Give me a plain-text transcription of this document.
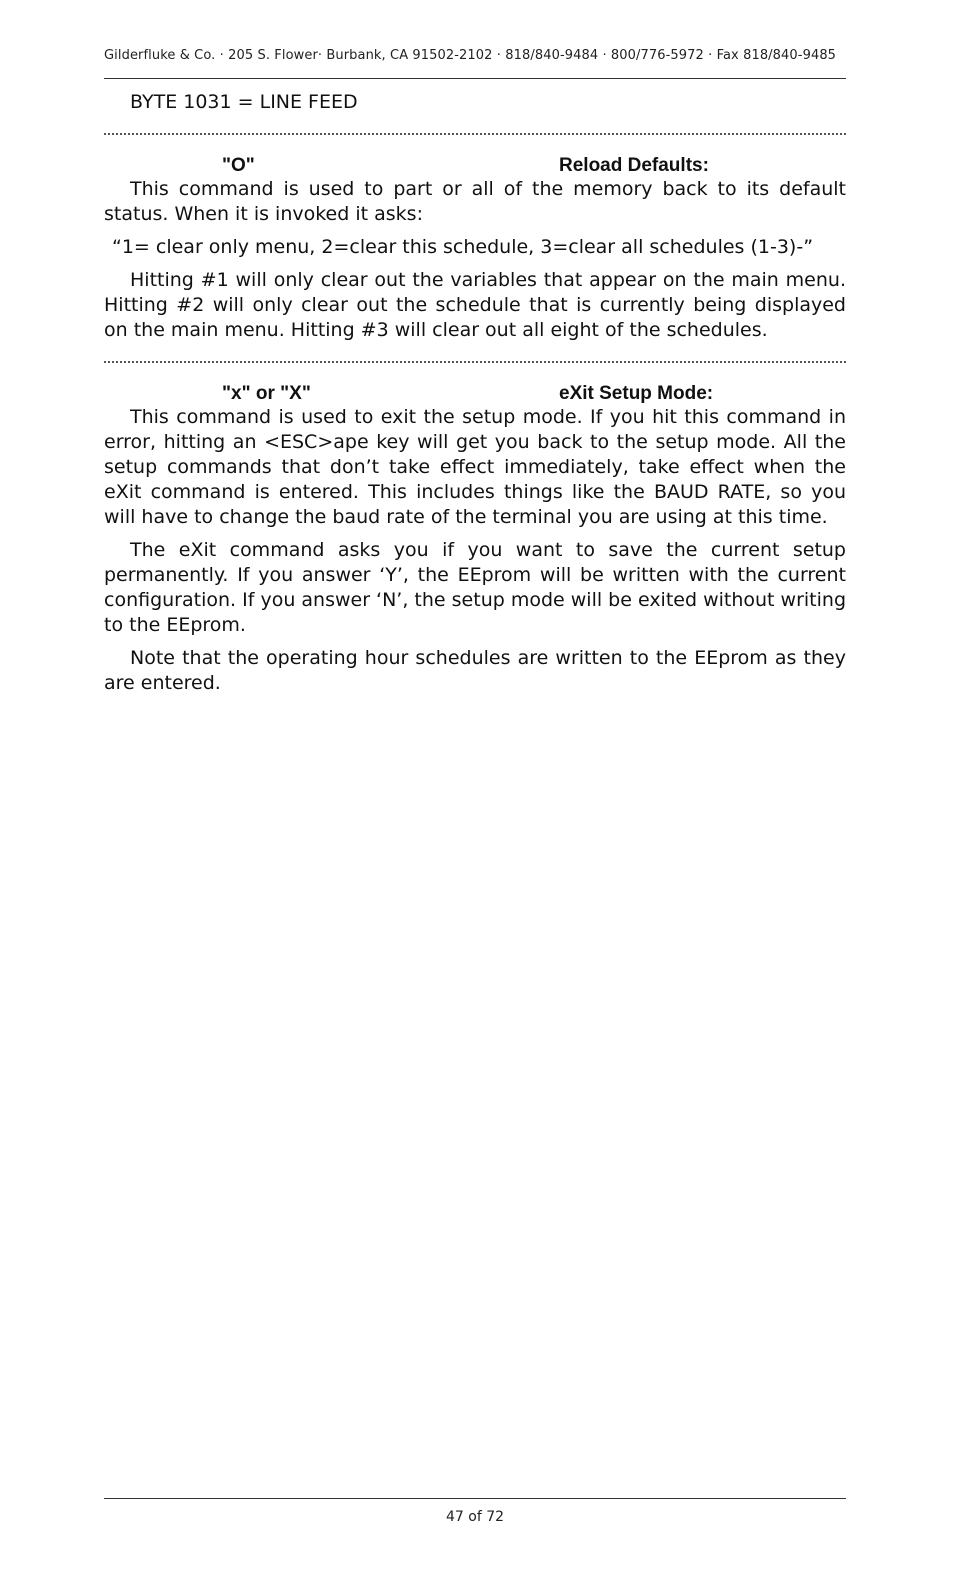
Gilderfluke & Co. · 205 S. Flower· Burbank, CA 91502-2102 · 818/840-9484 · 800/776-5972 · Fax 818/840-9485

BYTE 1031 = LINE FEED

"O"	Reload Defaults:

This command is used to part or all of the memory back to its default status. When it is invoked it asks:

“1= clear only menu, 2=clear this schedule, 3=clear all schedules (1-3)-”

Hitting #1 will only clear out the variables that appear on the main menu. Hitting #2 will only clear out the schedule that is currently being displayed on the main menu. Hitting #3 will clear out all eight of the schedules.

"x" or "X"	eXit Setup Mode:

This command is used to exit the setup mode. If you hit this command in error, hitting an <ESC>ape key will get you back to the setup mode. All the setup commands that don’t take effect immediately, take effect when the eXit command is entered. This includes things like the BAUD RATE, so you will have to change the baud rate of the terminal you are using at this time.

The eXit command asks you if you want to save the current setup permanently. If you answer ‘Y’, the EEprom will be written with the current configuration. If you answer ‘N’, the setup mode will be exited without writing to the EEprom.

Note that the operating hour schedules are written to the EEprom as they are entered.

47 of 72
